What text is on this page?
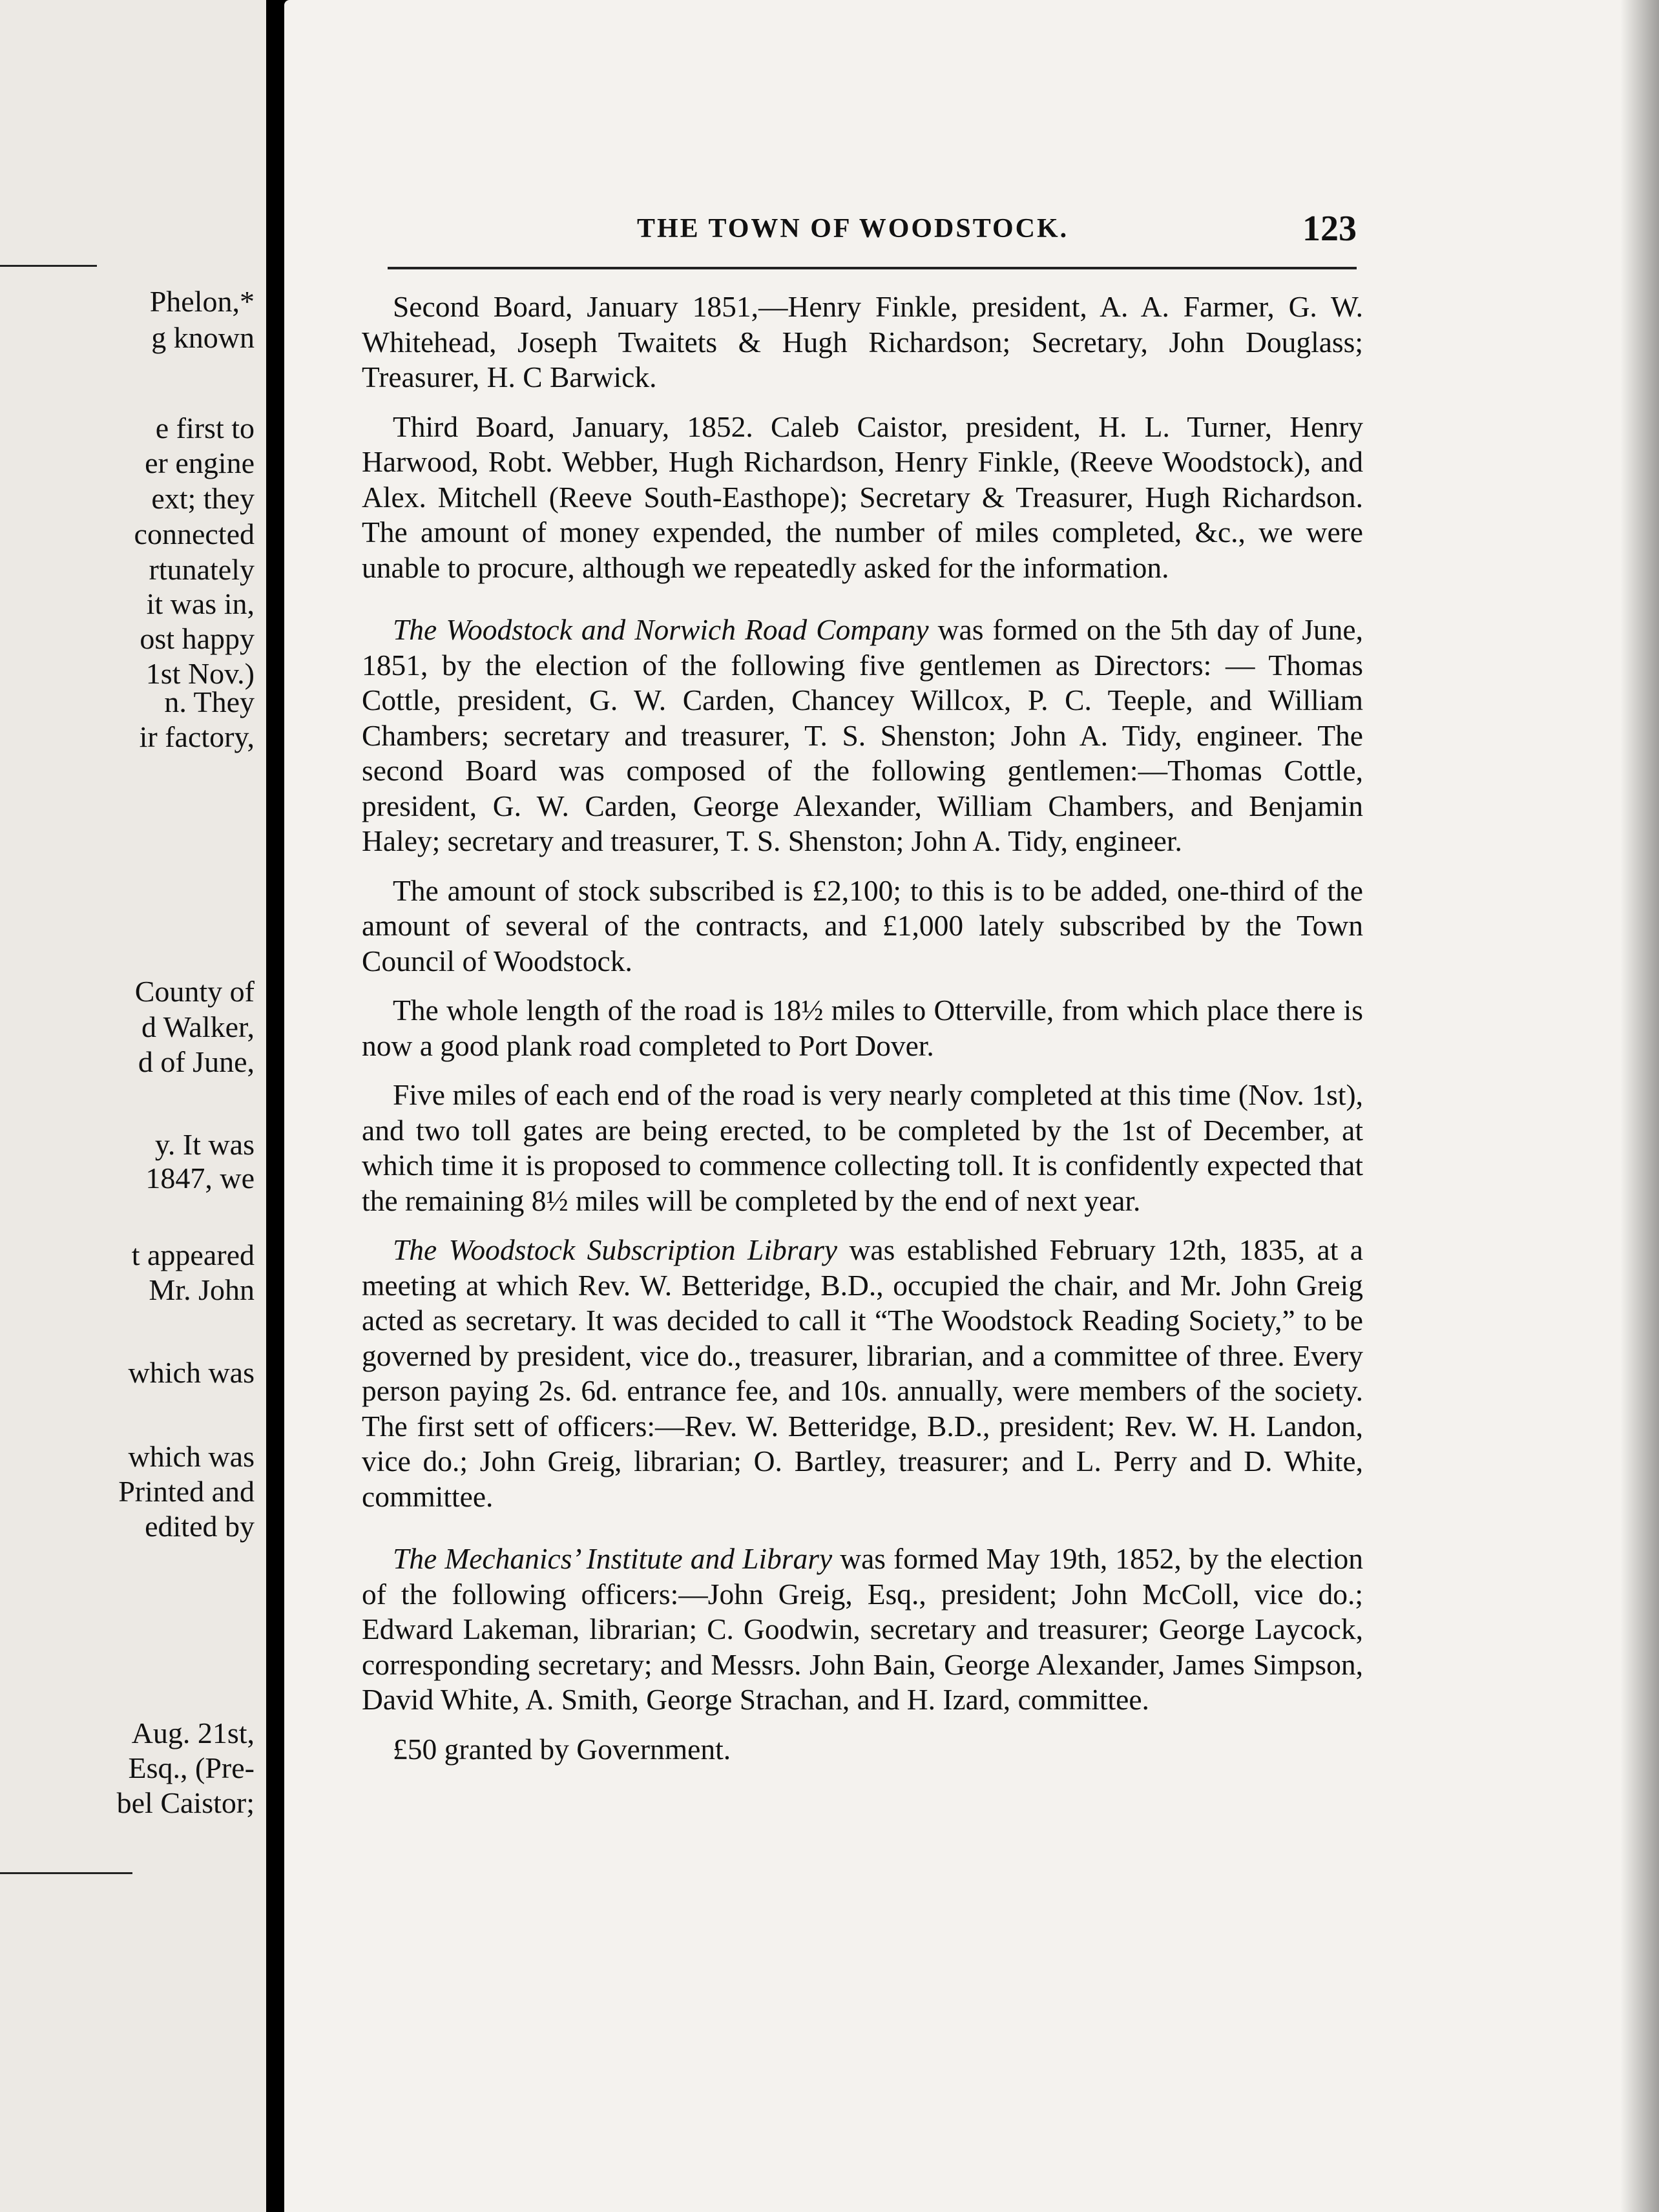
Phelon,*
g known
e first to
er engine
ext; they
connected
rtunately
it was in,
ost happy
1st Nov.)
n. They
ir factory,
County of
d Walker,
d of June,
y. It was
1847, we
t appeared
Mr. John
which was
which was
Printed and
edited by
Aug. 21st,
Esq., (Pre-
bel Caistor;
THE TOWN OF WOODSTOCK.	123

Second Board, January 1851,—Henry Finkle, president, A. A. Farmer, G. W. Whitehead, Joseph Twaitets & Hugh Richardson; Secretary, John Douglass; Treasurer, H. C Barwick.

Third Board, January, 1852. Caleb Caistor, president, H. L. Turner, Henry Harwood, Robt. Webber, Hugh Richardson, Henry Finkle, (Reeve Woodstock), and Alex. Mitchell (Reeve South-Easthope); Secretary & Treasurer, Hugh Richardson. The amount of money expended, the number of miles completed, &c., we were unable to procure, although we repeatedly asked for the information.

The Woodstock and Norwich Road Company was formed on the 5th day of June, 1851, by the election of the following five gentlemen as Directors: — Thomas Cottle, president, G. W. Carden, Chancey Willcox, P. C. Teeple, and William Chambers; secretary and treasurer, T. S. Shenston; John A. Tidy, engineer. The second Board was composed of the following gentlemen:—Thomas Cottle, president, G. W. Carden, George Alexander, William Chambers, and Benjamin Haley; secretary and treasurer, T. S. Shenston; John A. Tidy, engineer.

The amount of stock subscribed is £2,100; to this is to be added, one-third of the amount of several of the contracts, and £1,000 lately subscribed by the Town Council of Woodstock.

The whole length of the road is 18½ miles to Otterville, from which place there is now a good plank road completed to Port Dover.

Five miles of each end of the road is very nearly completed at this time (Nov. 1st), and two toll gates are being erected, to be completed by the 1st of December, at which time it is proposed to commence collecting toll. It is confidently expected that the remaining 8½ miles will be completed by the end of next year.

The Woodstock Subscription Library was established February 12th, 1835, at a meeting at which Rev. W. Betteridge, B.D., occupied the chair, and Mr. John Greig acted as secretary. It was decided to call it “The Woodstock Reading Society,” to be governed by president, vice do., treasurer, librarian, and a committee of three. Every person paying 2s. 6d. entrance fee, and 10s. annually, were members of the society. The first sett of officers:—Rev. W. Betteridge, B.D., president; Rev. W. H. Landon, vice do.; John Greig, librarian; O. Bartley, treasurer; and L. Perry and D. White, committee.

The Mechanics’ Institute and Library was formed May 19th, 1852, by the election of the following officers:—John Greig, Esq., president; John McColl, vice do.; Edward Lakeman, librarian; C. Goodwin, secretary and treasurer; George Laycock, corresponding secretary; and Messrs. John Bain, George Alexander, James Simpson, David White, A. Smith, George Strachan, and H. Izard, committee.

£50 granted by Government.
